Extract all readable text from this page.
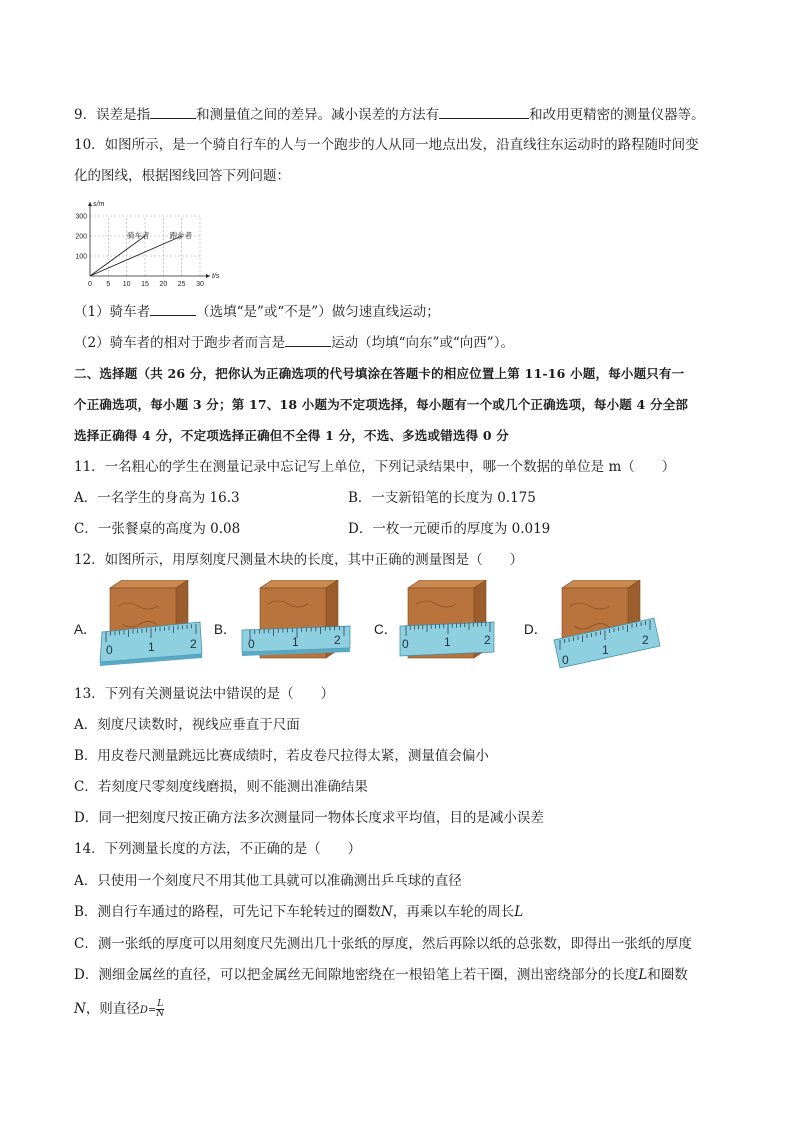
9．误差是指	和测量值之间的差异。减小误差的方法有	和改用更精密的测量仪器等。
10．如图所示，是一个骑自行车的人与一个跑步的人从同一地点出发，沿直线往东运动时的路程随时间变
化的图线，根据图线回答下列问题：
0 5 10 15 20 25 30
100
200
300
t/s
s/m
骑车者	跑步者
（1）骑车者	（选填“是”或“不是”）做匀速直线运动；
（2）骑车者的相对于跑步者而言是	运动（均填“向东”或“向西”）。
二、选择题（共 26 分，把你认为正确选项的代号填涂在答题卡的相应位置上第 11-16 小题，每小题只有一
个正确选项，每小题 3 分；第 17、18 小题为不定项选择，每小题有一个或几个正确选项，每小题 4 分全部
选择正确得 4 分，不定项选择正确但不全得 1 分，不选、多选或错选得 0 分
11．一名粗心的学生在测量记录中忘记写上单位，下列记录结果中，哪一个数据的单位是 m（　　）
A．一名学生的身高为 16.3	B．一支新铅笔的长度为 0.175
C．一张餐桌的高度为 0.08	D．一枚一元硬币的厚度为 0.019
12．如图所示，用厚刻度尺测量木块的长度，其中正确的测量图是（　　）
A．	B．	C．	D．
0	1	2	0	1	2	0	1	2
0
1
2
13．下列有关测量说法中错误的是（　　）
A．刻度尺读数时，视线应垂直于尺面
B．用皮卷尺测量跳远比赛成绩时，若皮卷尺拉得太紧，测量值会偏小
C．若刻度尺零刻度线磨损，则不能测出准确结果
D．同一把刻度尺按正确方法多次测量同一物体长度求平均值，目的是减小误差
14．下列测量长度的方法，不正确的是（　　）
A．只使用一个刻度尺不用其他工具就可以准确测出乒乓球的直径
B．测自行车通过的路程，可先记下车轮转过的圈数N，再乘以车轮的周长L
C．测一张纸的厚度可以用刻度尺先测出几十张纸的厚度，然后再除以纸的总张数，即得出一张纸的厚度
D．测细金属丝的直径，可以把金属丝无间隙地密绕在一根铅笔上若干圈，测出密绕部分的长度L和圈数
N，则直径$D= \frac{L}{N}$
